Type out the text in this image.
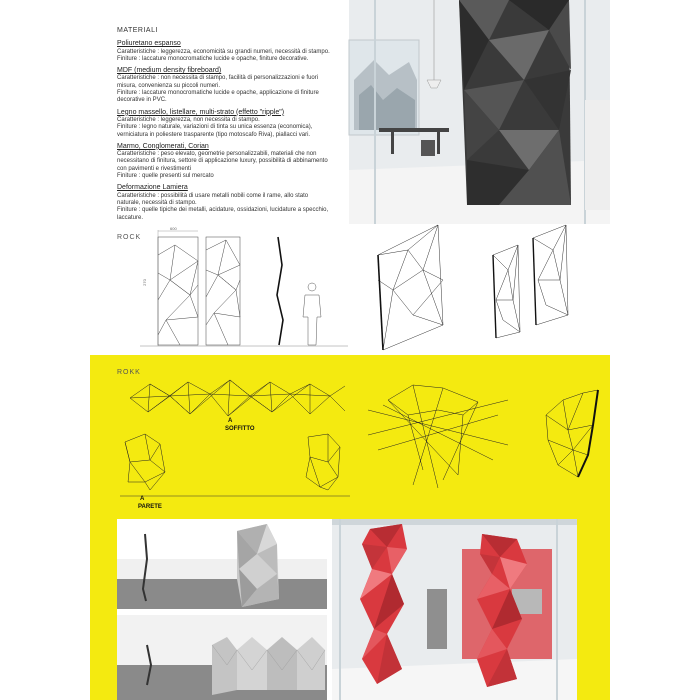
MATERIALI
Poliuretano espanso
Caratteristiche : leggerezza, economicità su grandi numeri, necessità di stampo.
Finiture : laccature monocromatiche lucide e opache, finiture decorative.
MDF (medium density fibreboard)
Caratteristiche : non necessita di stampo, facilità di personalizzazioni e fuori
misura, convenienza su piccoli numeri.
Finiture : laccature monocromatiche lucide e opache, applicazione di finiture
decorative in PVC.
Legno massello, listellare, multi-strato (effetto "ripple")
Caratteristiche : leggerezza, non necessita di stampo.
Finiture : legno naturale, variazioni di tinta su unica essenza (economica),
verniciatura in poliestere trasparente (tipo motoscafo Riva), piallacci vari.
Marmo, Conglomerati, Corian
Caratteristiche : peso elevato, geometrie personalizzabili, materiali che non
necessitano di finitura, settore di applicazione luxury, possibilità di abbinamento
con pavimenti e rivestimenti
Finiture : quelle presenti sul mercato
Deformazione Lamiera
Caratteristiche : possibilità di usare metalli nobili come il rame, allo stato
naturale, necessità di stampo.
Finiture : quelle tipiche dei metalli, acidature, ossidazioni, lucidature a specchio,
laccature.
ROCK
600
270
ROKK
A
SOFFITTO
A
PARETE
